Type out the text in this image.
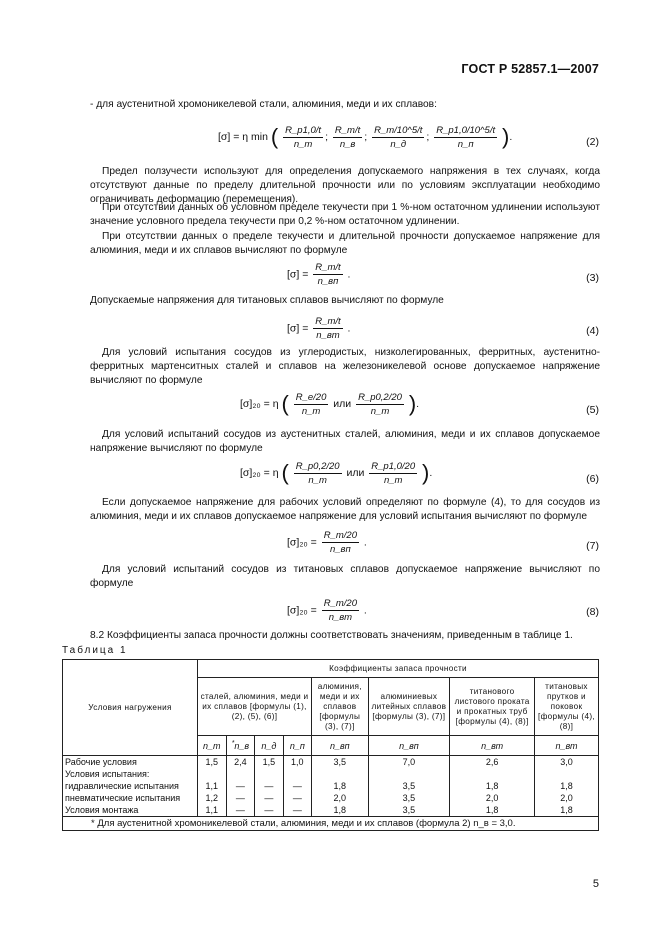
ГОСТ Р 52857.1—2007
- для аустенитной хромоникелевой стали, алюминия, меди и их сплавов:
[σ] = η min ( $\frac{R\_p1,0/t}{n\_т}$ ; $\frac{R\_m/t}{n\_в}$ ; $\frac{R\_m/10\^{}5/t}{n\_д}$ ; $\frac{R\_p1,0/10\^{}5/t}{n\_п}$ ).	(2)
Предел ползучести используют для определения допускаемого напряжения в тех случаях, когда отсутствуют данные по пределу длительной прочности или по условиям эксплуатации необходимо ограничивать деформацию (перемещения).
При отсутствии данных об условном пределе текучести при 1 %-ном остаточном удлинении используют значение условного предела текучести при 0,2 %-ном остаточном удлинении.
При отсутствии данных о пределе текучести и длительной прочности допускаемое напряжение для алюминия, меди и их сплавов вычисляют по формуле
$[\sigma] = \frac{R\_m/t}{n\_вп}$ .	(3)
Допускаемые напряжения для титановых сплавов вычисляют по формуле
$[\sigma] = \frac{R\_m/t}{n\_вт}$ .	(4)
Для условий испытания сосудов из углеродистых, низколегированных, ферритных, аустенитно-ферритных мартенситных сталей и сплавов на железоникелевой основе допускаемое напряжение вычисляют по формуле
[σ]₂₀ = η ( $\frac{R\_e/20}{n\_т}$ или $\frac{R\_p0,2/20}{n\_т}$ ).
(5)
Для условий испытаний сосудов из аустенитных сталей, алюминия, меди и их сплавов допускаемое напряжение вычисляют по формуле
[σ]₂₀ = η ( $\frac{R\_p0,2/20}{n\_т}$ или $\frac{R\_p1,0/20}{n\_т}$ ).
(6)
Если допускаемое напряжение для рабочих условий определяют по формуле (4), то для сосудов из алюминия, меди и их сплавов допускаемое напряжение для условий испытания вычисляют по формуле
$[\sigma]_{20} = \frac{R\_m/20}{n\_вп}$ .	(7)
Для условий испытаний сосудов из титановых сплавов допускаемое напряжение вычисляют по формуле
$[\sigma]_{20} = \frac{R\_m/20}{n\_вт}$ .	(8)
8.2 Коэффициенты запаса прочности должны соответствовать значениям, приведенным в таблице 1.
Таблица 1
Условия нагружения	Коэффициенты запаса прочности							
	сталей, алюминия, меди и их сплавов [формулы (1), (2), (5), (6)]				алюминия, меди и их сплавов [формулы (3), (7)]	алюминиевых литейных сплавов [формулы (3), (7)]	титанового листового проката и прокатных труб [формулы (4), (8)]	титановых прутков и поковок [формулы (4),(8)]
	n_т	*n_в	n_д	n_п	n_вп	n_вп	n_вт	n_вт
Рабочие условия	1,5	2,4	1,5	1,0	3,5	7,0	2,6	3,0
Условия испытания:								
гидравлические испытания	1,1	—	—	—	1,8	3,5	1,8	1,8
пневматические испытания	1,2	—	—	—	2,0	3,5	2,0	2,0
Условия монтажа	1,1	—	—	—	1,8	3,5	1,8	1,8
* Для аустенитной хромоникелевой стали, алюминия, меди и их сплавов (формула 2) n_в = 3,0.								
5
